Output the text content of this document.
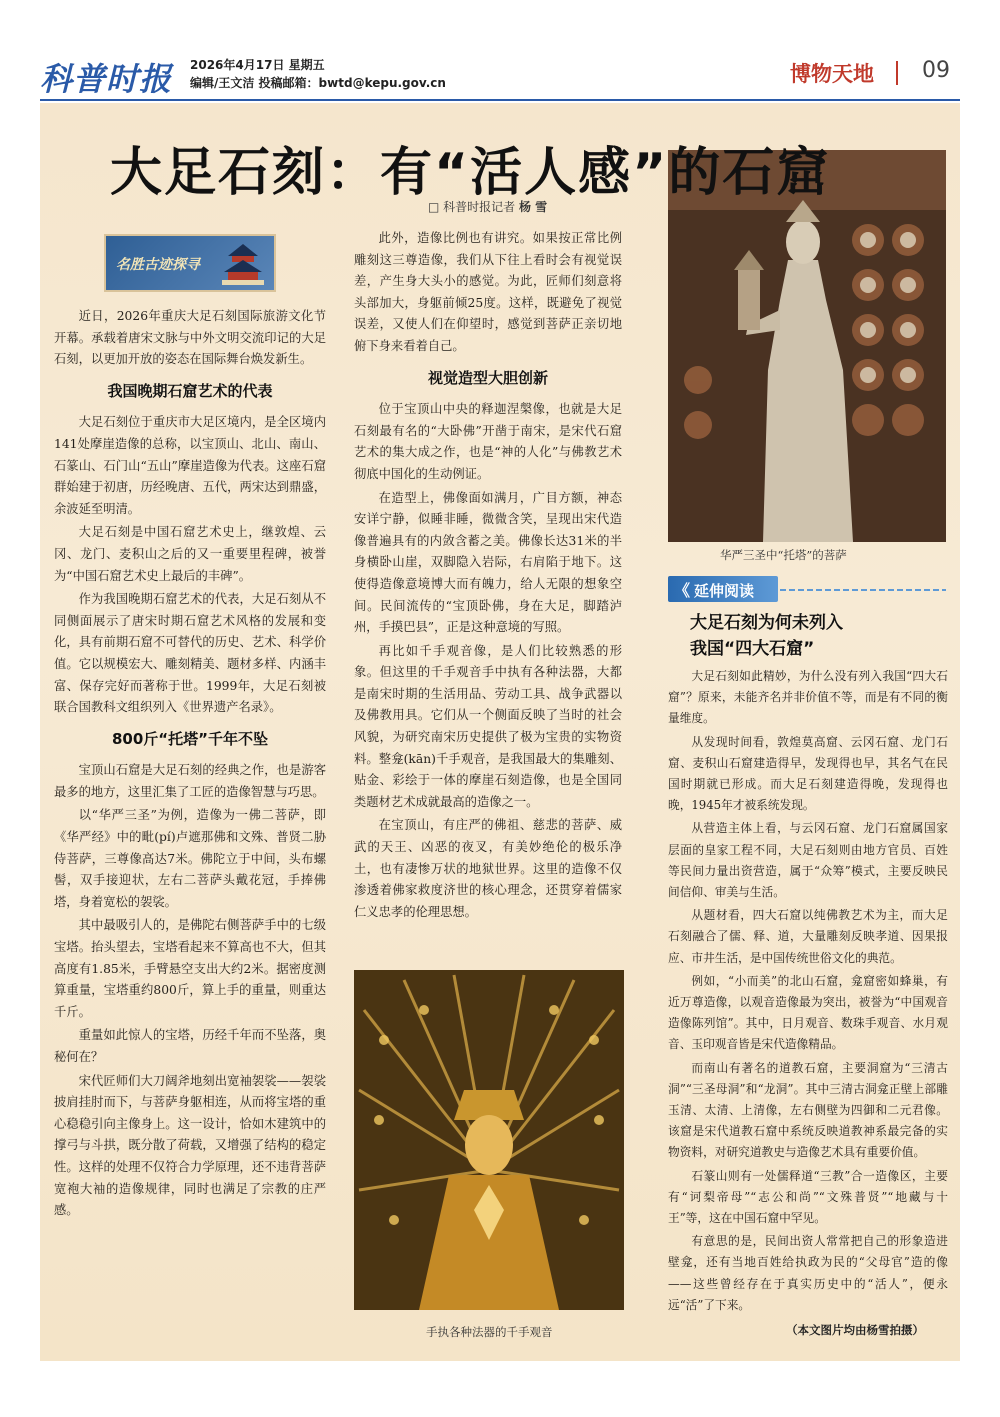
科普时报 2026年4月17日 星期五
编辑/王文洁 投稿邮箱：bwtd@kepu.gov.cn	博物天地 09
华严三圣中“托塔”的菩萨
大足石刻：有“活人感”的石窟
□ 科普时报记者 杨 雪
名胜古迹探寻

近日，2026年重庆大足石刻国际旅游文化节开幕。承载着唐宋文脉与中外文明交流印记的大足石刻，以更加开放的姿态在国际舞台焕发新生。

我国晚期石窟艺术的代表

大足石刻位于重庆市大足区境内，是全区境内141处摩崖造像的总称，以宝顶山、北山、南山、石篆山、石门山“五山”摩崖造像为代表。这座石窟群始建于初唐，历经晚唐、五代，两宋达到鼎盛，余波延至明清。

大足石刻是中国石窟艺术史上，继敦煌、云冈、龙门、麦积山之后的又一重要里程碑，被誉为“中国石窟艺术史上最后的丰碑”。

作为我国晚期石窟艺术的代表，大足石刻从不同侧面展示了唐宋时期石窟艺术风格的发展和变化，具有前期石窟不可替代的历史、艺术、科学价值。它以规模宏大、雕刻精美、题材多样、内涵丰富、保存完好而著称于世。1999年，大足石刻被联合国教科文组织列入《世界遗产名录》。

800斤“托塔”千年不坠

宝顶山石窟是大足石刻的经典之作，也是游客最多的地方，这里汇集了工匠的造像智慧与巧思。

以“华严三圣”为例，造像为一佛二菩萨，即《华严经》中的毗(pí)卢遮那佛和文殊、普贤二胁侍菩萨，三尊像高达7米。佛陀立于中间，头布螺髻，双手接迎状，左右二菩萨头戴花冠，手捧佛塔，身着宽松的袈裟。

其中最吸引人的，是佛陀右侧菩萨手中的七级宝塔。抬头望去，宝塔看起来不算高也不大，但其高度有1.85米，手臂悬空支出大约2米。据密度测算重量，宝塔重约800斤，算上手的重量，则重达千斤。

重量如此惊人的宝塔，历经千年而不坠落，奥秘何在？

宋代匠师们大刀阔斧地刻出宽袖袈裟——袈裟披肩挂肘而下，与菩萨身躯相连，从而将宝塔的重心稳稳引向主像身上。这一设计，恰如木建筑中的撑弓与斗拱，既分散了荷载，又增强了结构的稳定性。这样的处理不仅符合力学原理，还不违背菩萨宽袍大袖的造像规律，同时也满足了宗教的庄严感。

此外，造像比例也有讲究。如果按正常比例雕刻这三尊造像，我们从下往上看时会有视觉误差，产生身大头小的感觉。为此，匠师们刻意将头部加大，身躯前倾25度。这样，既避免了视觉误差，又使人们在仰望时，感觉到菩萨正亲切地俯下身来看着自己。

视觉造型大胆创新

位于宝顶山中央的释迦涅槃像，也就是大足石刻最有名的“大卧佛”开凿于南宋，是宋代石窟艺术的集大成之作，也是“神的人化”与佛教艺术彻底中国化的生动例证。

在造型上，佛像面如满月，广目方额，神态安详宁静，似睡非睡，微微含笑，呈现出宋代造像普遍具有的内敛含蓄之美。佛像长达31米的半身横卧山崖，双脚隐入岩际，右肩陷于地下。这使得造像意境博大而有魄力，给人无限的想象空间。民间流传的“宝顶卧佛，身在大足，脚踏泸州，手摸巴县”，正是这种意境的写照。

再比如千手观音像，是人们比较熟悉的形象。但这里的千手观音手中执有各种法器，大都是南宋时期的生活用品、劳动工具、战争武器以及佛教用具。它们从一个侧面反映了当时的社会风貌，为研究南宋历史提供了极为宝贵的实物资料。整龛(kān)千手观音，是我国最大的集雕刻、贴金、彩绘于一体的摩崖石刻造像，也是全国同类题材艺术成就最高的造像之一。

在宝顶山，有庄严的佛祖、慈悲的菩萨、威武的天王、凶恶的夜叉，有美妙绝伦的极乐净土，也有凄惨万状的地狱世界。这里的造像不仅渗透着佛家救度济世的核心理念，还贯穿着儒家仁义忠孝的伦理思想。

手执各种法器的千手观音
《 延伸阅读
大足石刻为何未列入
我国“四大石窟”

大足石刻如此精妙，为什么没有列入我国“四大石窟”？原来，未能齐名并非价值不等，而是有不同的衡量维度。

从发现时间看，敦煌莫高窟、云冈石窟、龙门石窟、麦积山石窟建造得早，发现得也早，其名气在民国时期就已形成。而大足石刻建造得晚，发现得也晚，1945年才被系统发现。

从营造主体上看，与云冈石窟、龙门石窟属国家层面的皇家工程不同，大足石刻则由地方官员、百姓等民间力量出资营造，属于“众筹”模式，主要反映民间信仰、审美与生活。

从题材看，四大石窟以纯佛教艺术为主，而大足石刻融合了儒、释、道，大量雕刻反映孝道、因果报应、市井生活，是中国传统世俗文化的典范。

例如，“小而美”的北山石窟，龛窟密如蜂巢，有近万尊造像，以观音造像最为突出，被誉为“中国观音造像陈列馆”。其中，日月观音、数珠手观音、水月观音、玉印观音皆是宋代造像精品。

而南山有著名的道教石窟，主要洞窟为“三清古洞”“三圣母洞”和“龙洞”。其中三清古洞龛正壁上部雕玉清、太清、上清像，左右侧壁为四御和二元君像。该窟是宋代道教石窟中系统反映道教神系最完备的实物资料，对研究道教史与造像艺术具有重要价值。

石篆山则有一处儒释道“三教”合一造像区，主要有“诃梨帝母”“志公和尚”“文殊普贤”“地藏与十王”等，这在中国石窟中罕见。

有意思的是，民间出资人常常把自己的形象造进壁龛，还有当地百姓给执政为民的“父母官”造的像——这些曾经存在于真实历史中的“活人”，便永远“活”了下来。

（本文图片均由杨雪拍摄）
